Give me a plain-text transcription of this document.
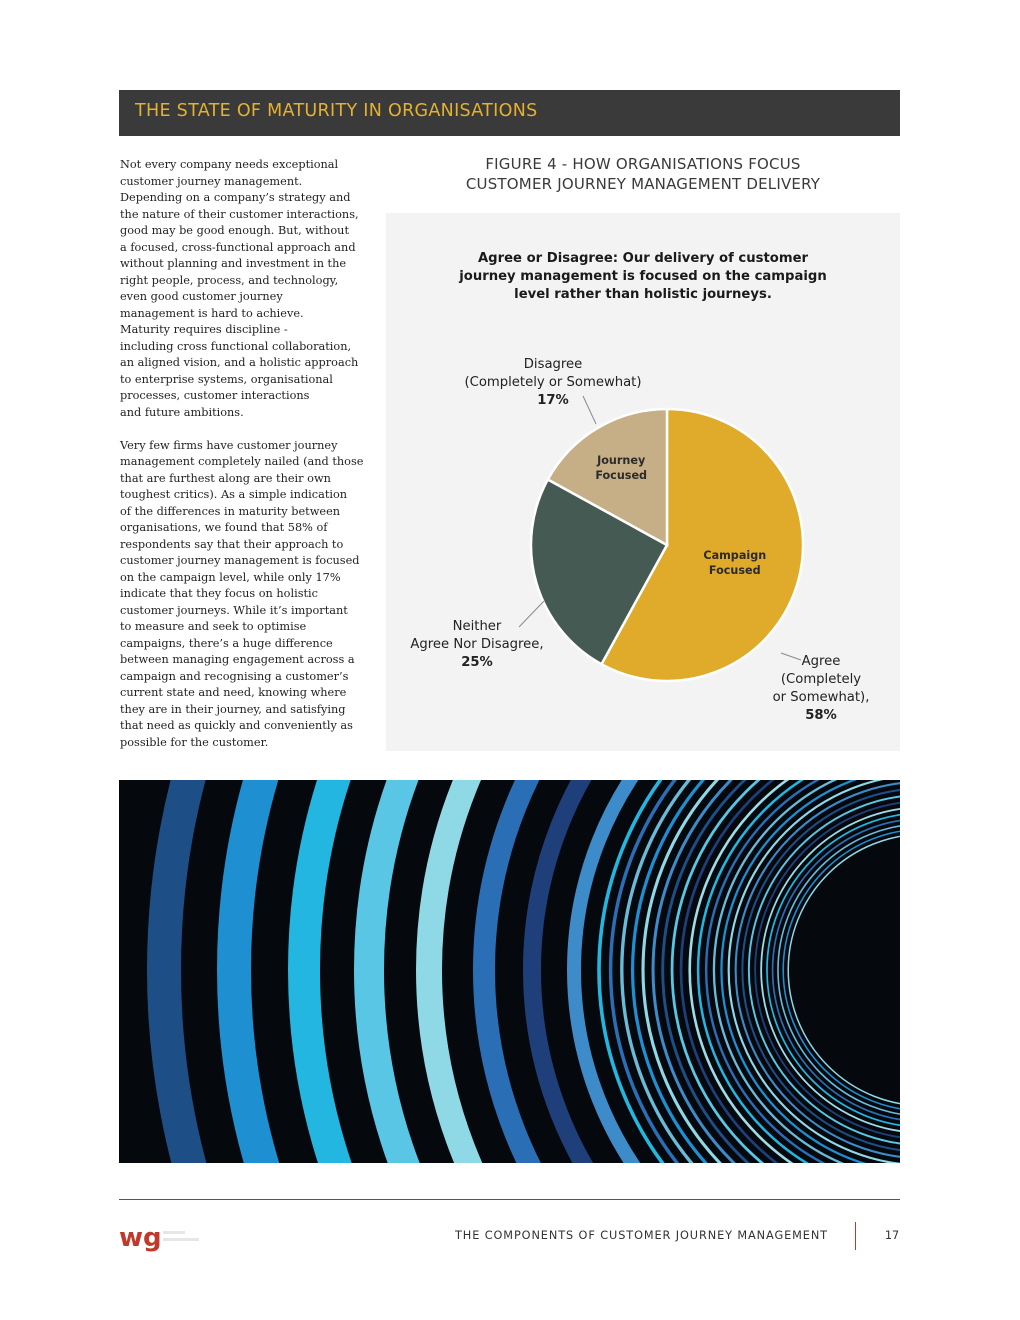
THE STATE OF MATURITY IN ORGANISATIONS

Not every company needs exceptional
customer journey management.
Depending on a company’s strategy and
the nature of their customer interactions,
good may be good enough. But, without
a focused, cross-functional approach and
without planning and investment in the
right people, process, and technology,
even good customer journey
management is hard to achieve.
Maturity requires discipline -
including cross functional collaboration,
an aligned vision, and a holistic approach
to enterprise systems, organisational
processes, customer interactions
and future ambitions.

Very few firms have customer journey
management completely nailed (and those
that are furthest along are their own
toughest critics). As a simple indication
of the differences in maturity between
organisations, we found that 58% of
respondents say that their approach to
customer journey management is focused
on the campaign level, while only 17%
indicate that they focus on holistic
customer journeys. While it’s important
to measure and seek to optimise
campaigns, there’s a huge difference
between managing engagement across a
campaign and recognising a customer’s
current state and need, knowing where
they are in their journey, and satisfying
that need as quickly and conveniently as
possible for the customer.

FIGURE 4 - HOW ORGANISATIONS FOCUS
CUSTOMER JOURNEY MANAGEMENT DELIVERY
Agree or Disagree: Our delivery of customer
journey management is focused on the campaign
level rather than holistic journeys.
Campaign
Focused
Journey
Focused
Agree
(Completely
or Somewhat),
58%
Neither
Agree Nor Disagree,
25%
Disagree
(Completely or Somewhat)
17%
wg	THE COMPONENTS OF CUSTOMER JOURNEY MANAGEMENT	17
